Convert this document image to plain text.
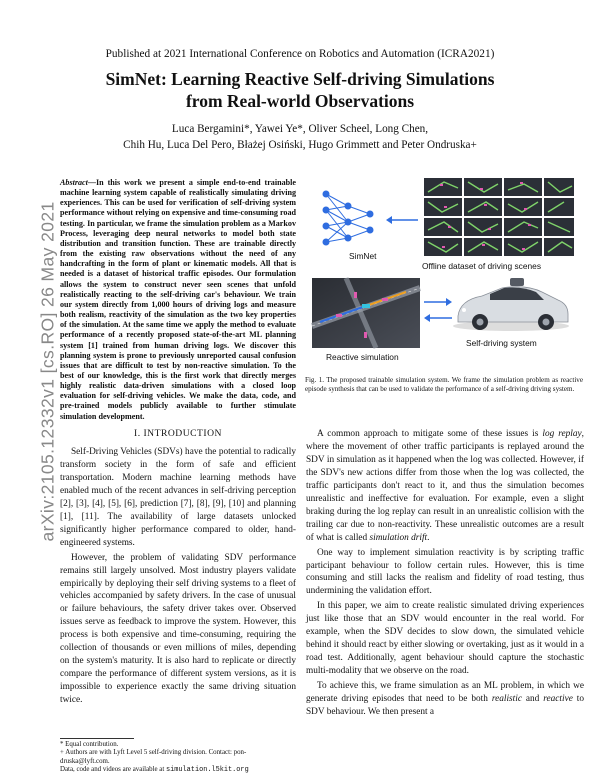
Published at 2021 International Conference on Robotics and Automation (ICRA2021)
SimNet: Learning Reactive Self-driving Simulations
from Real-world Observations
Luca Bergamini*, Yawei Ye*, Oliver Scheel, Long Chen,
Chih Hu, Luca Del Pero, Błażej Osiński, Hugo Grimmett and Peter Ondruska+
arXiv:2105.12332v1 [cs.RO] 26 May 2021
Abstract—In this work we present a simple end-to-end trainable machine learning system capable of realistically simulating driving experiences. This can be used for verification of self-driving system performance without relying on expensive and time-consuming road testing. In particular, we frame the simulation problem as a Markov Process, leveraging deep neural networks to model both state distribution and transition function. These are trainable directly from the existing raw observations without the need of any handcrafting in the form of plant or kinematic models. All that is needed is a dataset of historical traffic episodes. Our formulation allows the system to construct never seen scenes that unfold realistically reacting to the self-driving car's behaviour. We train our system directly from 1,000 hours of driving logs and measure both realism, reactivity of the simulation as the two key properties of the simulation. At the same time we apply the method to evaluate performance of a recently proposed state-of-the-art ML planning system [1] trained from human driving logs. We discover this planning system is prone to previously unreported causal confusion issues that are difficult to test by non-reactive simulation. To the best of our knowledge, this is the first work that directly merges highly realistic data-driven simulations with a closed loop evaluation for self-driving vehicles. We make the data, code, and pre-trained models publicly available to further stimulate simulation development.
SimNet
Offline dataset of driving scenes
Reactive simulation
Self-driving system
Fig. 1. The proposed trainable simulation system. We frame the simulation problem as reactive episode synthesis that can be used to validate the performance of a self-driving driving system.
I. INTRODUCTION

Self-Driving Vehicles (SDVs) have the potential to radically transform society in the form of safe and efficient transportation. Modern machine learning methods have enabled much of the recent advances in self-driving perception [2], [3], [4], [5], [6], prediction [7], [8], [9], [10] and planning [1], [11]. The availability of large datasets unlocked significantly higher performance compared to older, hand-engineered systems.

However, the problem of validating SDV performance remains still largely unsolved. Most industry players validate empirically by deploying their self driving systems to a fleet of vehicles accompanied by safety drivers. In the case of unusual or failure behaviours, the safety driver takes over. Observed issues serve as feedback to improve the system. However, this process is both expensive and time-consuming, requiring the collection of thousands or even millions of miles, depending on the system's maturity. It is also hard to replicate or directly compare the performance of different system versions, as it is impossible to experience exactly the same driving situation twice.

A common approach to mitigate some of these issues is log replay, where the movement of other traffic participants is replayed around the SDV in simulation as it happened when the log was collected. However, if the SDV's new actions differ from those when the log was collected, the traffic participants don't react to it, and thus the simulation becomes unrealistic and ineffective for evaluation. For example, even a slight braking during the log replay can result in an unrealistic collision with the trailing car due to non-reactivity. These unrealistic outcomes are a result of what is called simulation drift.

One way to implement simulation reactivity is by scripting traffic participant behaviour to follow certain rules. However, this is time consuming and still lacks the realism and fidelity of road testing, thus undermining the validation effort.

In this paper, we aim to create realistic simulated driving experiences just like those that an SDV would encounter in the real world. For example, when the SDV decides to slow down, the simulated vehicle behind it should react by either slowing or overtaking, just as it would in a road test. Additionally, agent behaviour should capture the stochastic multi-modality that we observe on the road.

To achieve this, we frame simulation as an ML problem, in which we generate driving episodes that need to be both realistic and reactive to SDV behaviour. We then present a

* Equal contribution.
+ Authors are with Lyft Level 5 self-driving division. Contact: pon-
druska@lyft.com.
Data, code and videos are available at simulation.l5kit.org
